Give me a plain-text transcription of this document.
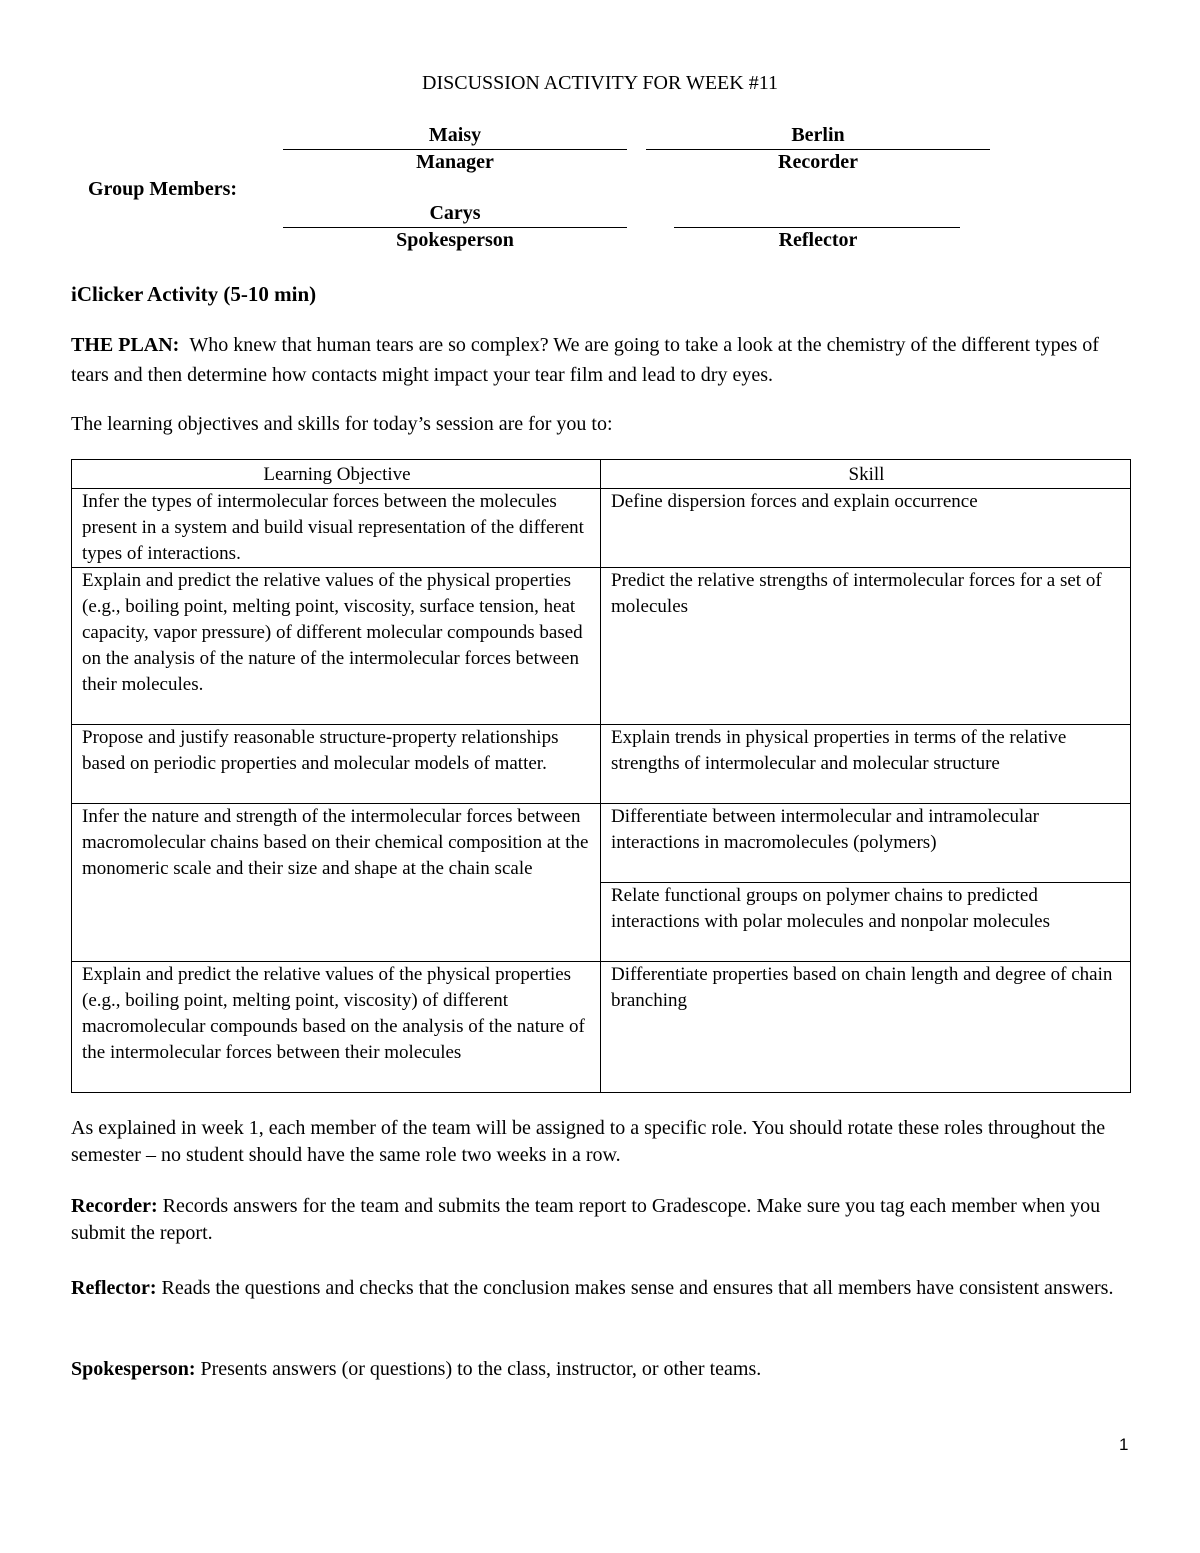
DISCUSSION ACTIVITY FOR WEEK #11
Maisy	Berlin
Manager	Recorder
Group Members:
Carys
Spokesperson	Reflector
iClicker Activity (5-10 min)
THE PLAN: Who knew that human tears are so complex? We are going to take a look at the chemistry of the different types of tears and then determine how contacts might impact your tear film and lead to dry eyes.
The learning objectives and skills for today’s session are for you to:
Learning Objective	Skill
Infer the types of intermolecular forces between the molecules present in a system and build visual representation of the different types of interactions.	Define dispersion forces and explain occurrence
Explain and predict the relative values of the physical properties (e.g., boiling point, melting point, viscosity, surface tension, heat capacity, vapor pressure) of different molecular compounds based on the analysis of the nature of the intermolecular forces between their molecules.	Predict the relative strengths of intermolecular forces for a set of molecules
Propose and justify reasonable structure-property relationships based on periodic properties and molecular models of matter.	Explain trends in physical properties in terms of the relative strengths of intermolecular and molecular structure
Infer the nature and strength of the intermolecular forces between macromolecular chains based on their chemical composition at the monomeric scale and their size and shape at the chain scale	Differentiate between intermolecular and intramolecular interactions in macromolecules (polymers)
	Relate functional groups on polymer chains to predicted interactions with polar molecules and nonpolar molecules
Explain and predict the relative values of the physical properties (e.g., boiling point, melting point, viscosity) of different macromolecular compounds based on the analysis of the nature of the intermolecular forces between their molecules	Differentiate properties based on chain length and degree of chain branching
As explained in week 1, each member of the team will be assigned to a specific role. You should rotate these roles throughout the semester – no student should have the same role two weeks in a row.
Recorder: Records answers for the team and submits the team report to Gradescope. Make sure you tag each member when you submit the report.
Reflector: Reads the questions and checks that the conclusion makes sense and ensures that all members have consistent answers.
Spokesperson: Presents answers (or questions) to the class, instructor, or other teams.
1
